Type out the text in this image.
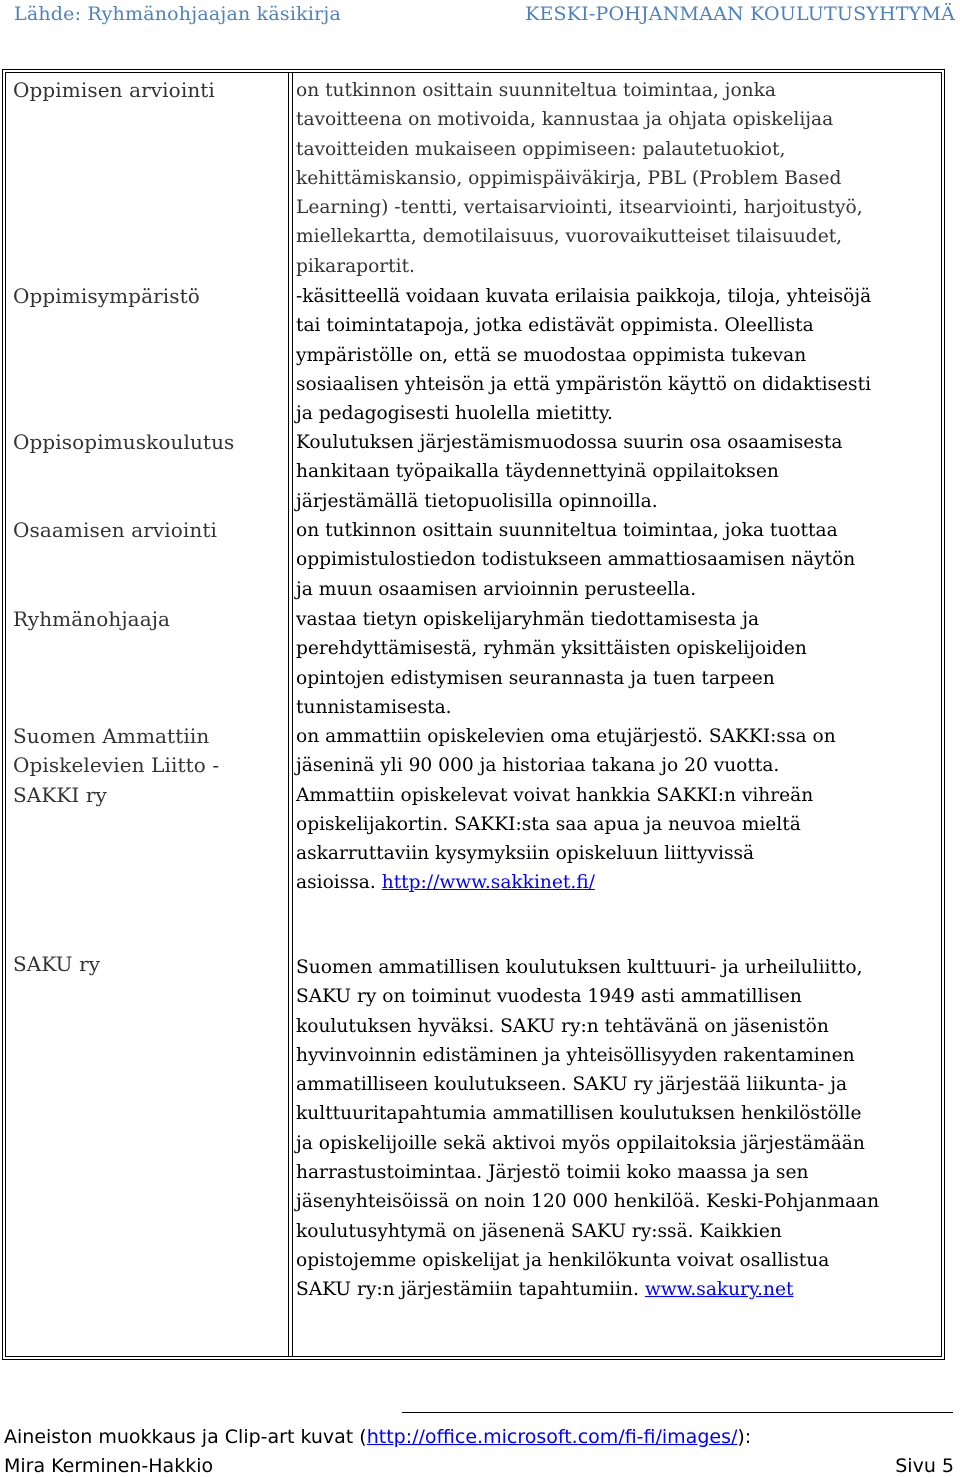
Lähde: Ryhmänohjaajan käsikirja	KESKI-POHJANMAAN KOULUTUSYHTYMÄ
Oppimisen arviointi
Oppimisympäristö
Oppisopimuskoulutus
Osaamisen arviointi
Ryhmänohjaaja
Suomen Ammattiin
Opiskelevien Liitto -
SAKKI ry
SAKU ry
on tutkinnon osittain suunniteltua toimintaa, jonka
tavoitteena on motivoida, kannustaa ja ohjata opiskelijaa
tavoitteiden mukaiseen oppimiseen: palautetuokiot,
kehittämiskansio, oppimispäiväkirja, PBL (Problem Based
Learning) -tentti, vertaisarviointi, itsearviointi, harjoitustyö,
miellekartta, demotilaisuus, vuorovaikutteiset tilaisuudet,
pikaraportit.
-käsitteellä voidaan kuvata erilaisia paikkoja, tiloja, yhteisöjä
tai toimintatapoja, jotka edistävät oppimista. Oleellista
ympäristölle on, että se muodostaa oppimista tukevan
sosiaalisen yhteisön ja että ympäristön käyttö on didaktisesti
ja pedagogisesti huolella mietitty.
Koulutuksen järjestämismuodossa suurin osa osaamisesta
hankitaan työpaikalla täydennettyinä oppilaitoksen
järjestämällä tietopuolisilla opinnoilla.
on tutkinnon osittain suunniteltua toimintaa, joka tuottaa
oppimistulostiedon todistukseen ammattiosaamisen näytön
ja muun osaamisen arvioinnin perusteella.
vastaa tietyn opiskelijaryhmän tiedottamisesta ja
perehdyttämisestä, ryhmän yksittäisten opiskelijoiden
opintojen edistymisen seurannasta ja tuen tarpeen
tunnistamisesta.
on ammattiin opiskelevien oma etujärjestö. SAKKI:ssa on
jäseninä yli 90 000 ja historiaa takana jo 20 vuotta.
Ammattiin opiskelevat voivat hankkia SAKKI:n vihreän
opiskelijakortin. SAKKI:sta saa apua ja neuvoa mieltä
askarruttaviin kysymyksiin opiskeluun liittyvissä
asioissa. http://www.sakkinet.fi/
Suomen ammatillisen koulutuksen kulttuuri- ja urheiluliitto,
SAKU ry on toiminut vuodesta 1949 asti ammatillisen
koulutuksen hyväksi. SAKU ry:n tehtävänä on jäsenistön
hyvinvoinnin edistäminen ja yhteisöllisyyden rakentaminen
ammatilliseen koulutukseen. SAKU ry järjestää liikunta- ja
kulttuuritapahtumia ammatillisen koulutuksen henkilöstölle
ja opiskelijoille sekä aktivoi myös oppilaitoksia järjestämään
harrastustoimintaa. Järjestö toimii koko maassa ja sen
jäsenyhteisöissä on noin 120 000 henkilöä. Keski-Pohjanmaan
koulutusyhtymä on jäsenenä SAKU ry:ssä. Kaikkien
opistojemme opiskelijat ja henkilökunta voivat osallistua
SAKU ry:n järjestämiin tapahtumiin. www.sakury.net
Aineiston muokkaus ja Clip-art kuvat (http://office.microsoft.com/fi-fi/images/):
Mira Kerminen-Hakkio	Sivu 5
